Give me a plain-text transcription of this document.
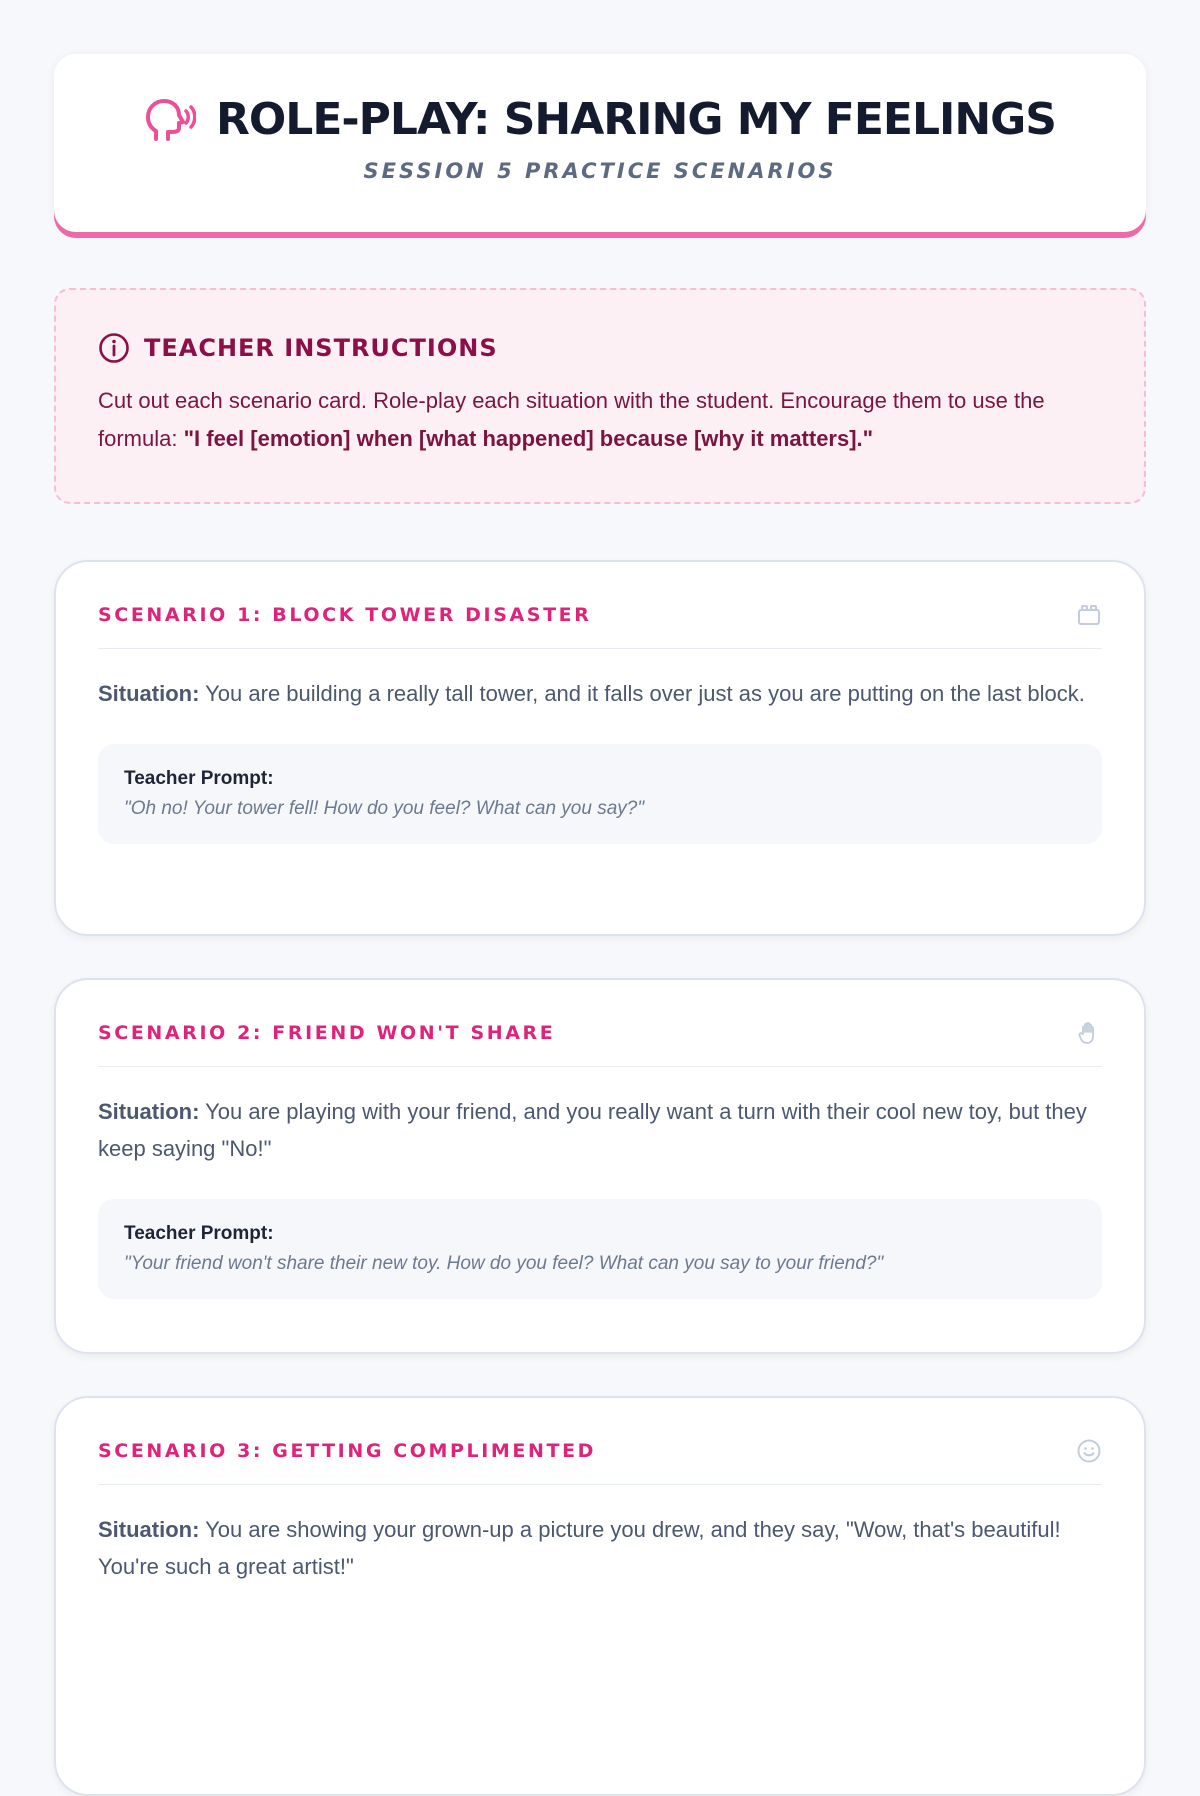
ROLE-PLAY: SHARING MY FEELINGS
SESSION 5 PRACTICE SCENARIOS
TEACHER INSTRUCTIONS
Cut out each scenario card. Role-play each situation with the student. Encourage them to use the formula: "I feel [emotion] when [what happened] because [why it matters]."
SCENARIO 1: BLOCK TOWER DISASTER
Situation: You are building a really tall tower, and it falls over just as you are putting on the last block.
Teacher Prompt:
"Oh no! Your tower fell! How do you feel? What can you say?"
SCENARIO 2: FRIEND WON'T SHARE
Situation: You are playing with your friend, and you really want a turn with their cool new toy, but they keep saying "No!"
Teacher Prompt:
"Your friend won't share their new toy. How do you feel? What can you say to your friend?"
SCENARIO 3: GETTING COMPLIMENTED
Situation: You are showing your grown-up a picture you drew, and they say, "Wow, that's beautiful! You're such a great artist!"
